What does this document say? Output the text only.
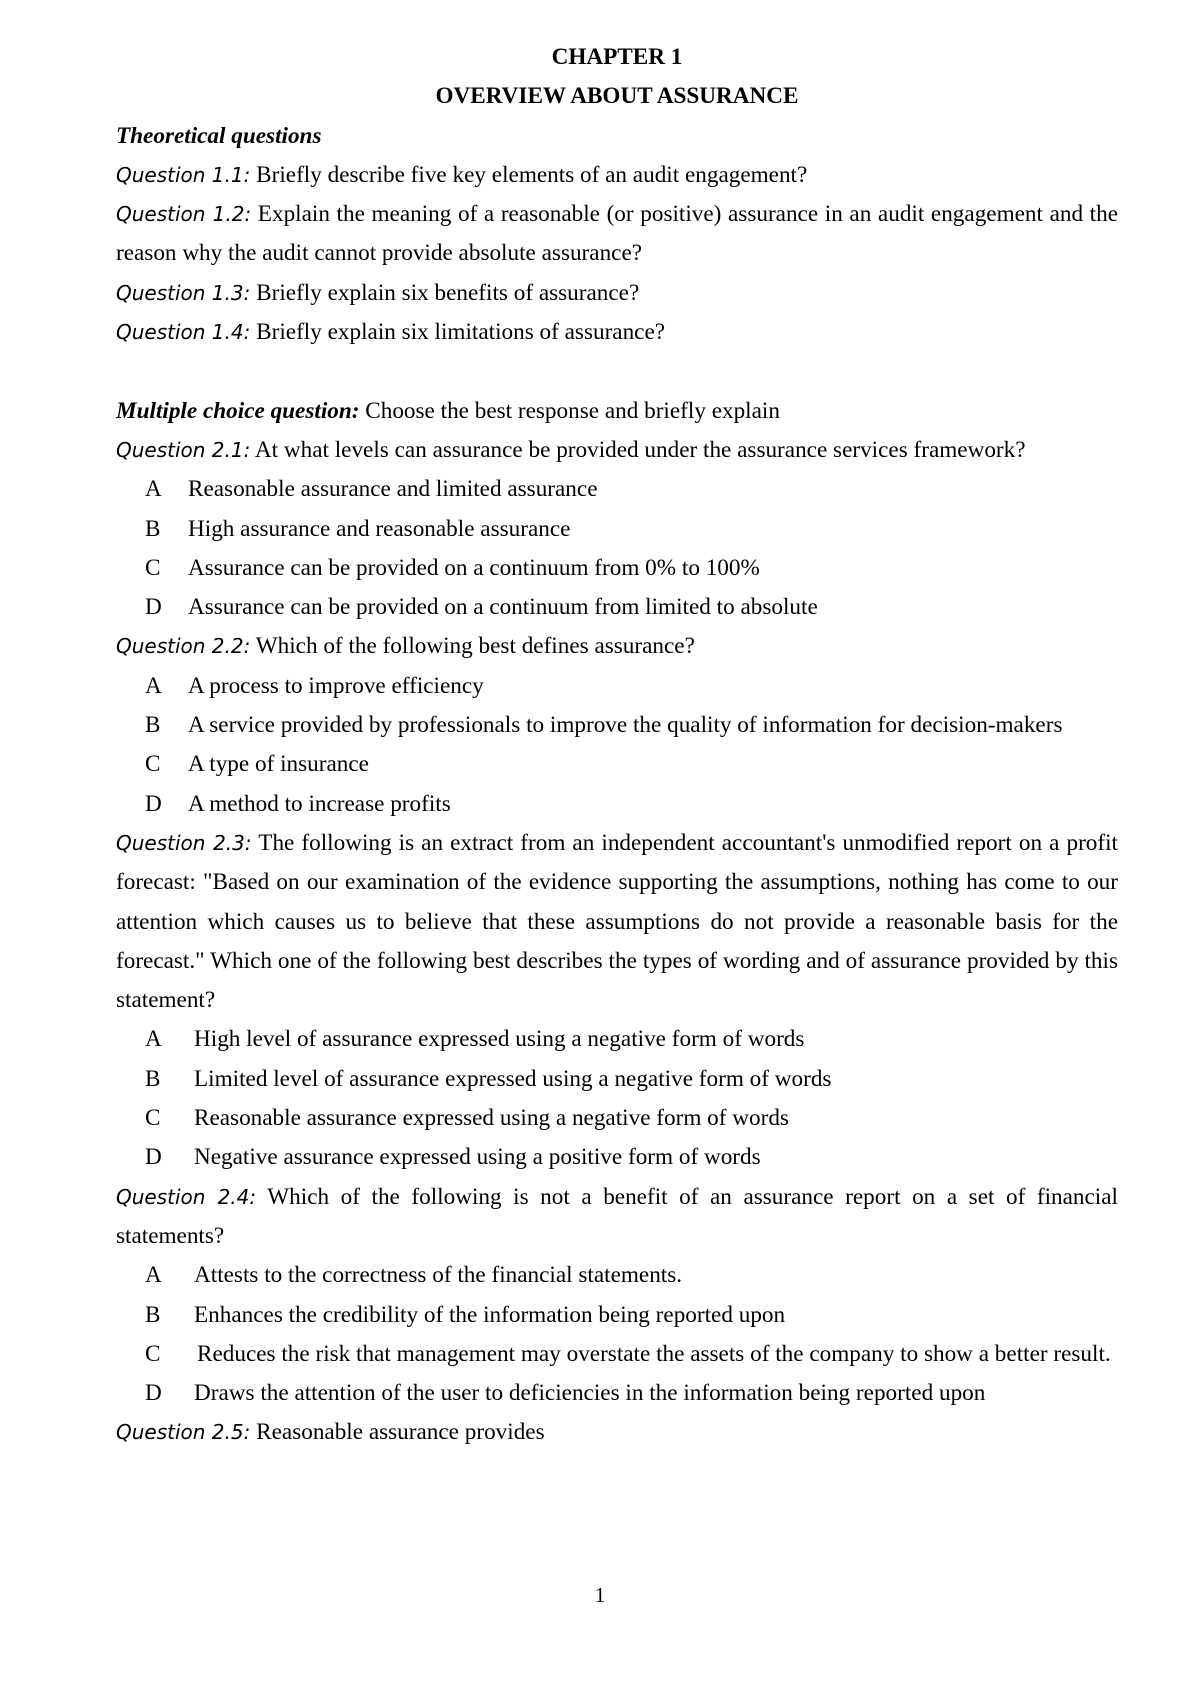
CHAPTER 1
OVERVIEW ABOUT ASSURANCE
Theoretical questions
Question 1.1: Briefly describe five key elements of an audit engagement?
Question 1.2: Explain the meaning of a reasonable (or positive) assurance in an audit engagement and the reason why the audit cannot provide absolute assurance?
Question 1.3: Briefly explain six benefits of assurance?
Question 1.4: Briefly explain six limitations of assurance?
Multiple choice question: Choose the best response and briefly explain
Question 2.1: At what levels can assurance be provided under the assurance services framework?
A	Reasonable assurance and limited assurance
B	High assurance and reasonable assurance
C	Assurance can be provided on a continuum from 0% to 100%
D	Assurance can be provided on a continuum from limited to absolute
Question 2.2: Which of the following best defines assurance?
A	A process to improve efficiency
B A service provided by professionals to improve the quality of information for decision-makers
C	A type of insurance
D	A method to increase profits
Question 2.3: The following is an extract from an independent accountant's unmodified report on a profit forecast: "Based on our examination of the evidence supporting the assumptions, nothing has come to our attention which causes us to believe that these assumptions do not provide a reasonable basis for the forecast." Which one of the following best describes the types of wording and of assurance provided by this statement?
A	High level of assurance expressed using a negative form of words
B	Limited level of assurance expressed using a negative form of words
C	Reasonable assurance expressed using a negative form of words
D	Negative assurance expressed using a positive form of words
Question 2.4: Which of the following is not a benefit of an assurance report on a set of financial statements?
A	Attests to the correctness of the financial statements.
B	Enhances the credibility of the information being reported upon
C Reduces the risk that management may overstate the assets of the company to show a better result.
D	Draws the attention of the user to deficiencies in the information being reported upon
Question 2.5: Reasonable assurance provides
1
